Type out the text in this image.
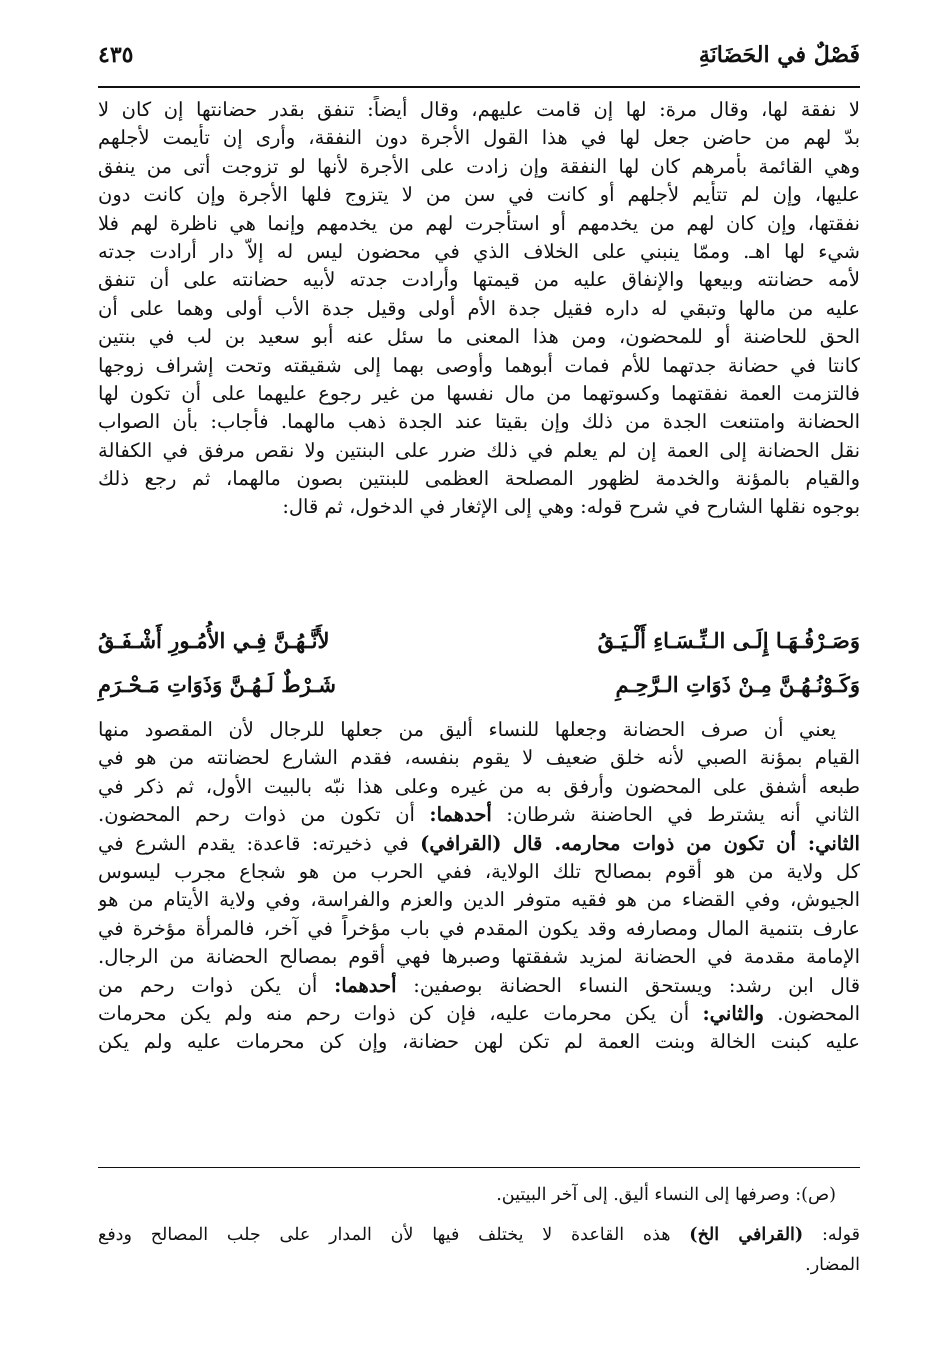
فَصْلٌ في الحَضَانَةِ
٤٣٥
لا نفقة لها، وقال مرة: لها إن قامت عليهم، وقال أيضاً: تنفق بقدر حضانتها إن كان لا
بدّ لهم من حاضن جعل لها في هذا القول الأجرة دون النفقة، وأرى إن تأيمت لأجلهم
وهي القائمة بأمرهم كان لها النفقة وإن زادت على الأجرة لأنها لو تزوجت أتى من ينفق
عليها، وإن لم تتأيم لأجلهم أو كانت في سن من لا يتزوج فلها الأجرة وإن كانت دون
نفقتها، وإن كان لهم من يخدمهم أو استأجرت لهم من يخدمهم وإنما هي ناظرة لهم فلا
شيء لها اهـ. وممّا ينبني على الخلاف الذي في محضون ليس له إلاّ دار أرادت جدته
لأمه حضانته وبيعها والإنفاق عليه من قيمتها وأرادت جدته لأبيه حضانته على أن تنفق
عليه من مالها وتبقي له داره فقيل جدة الأم أولى وقيل جدة الأب أولى وهما على أن
الحق للحاضنة أو للمحضون، ومن هذا المعنى ما سئل عنه أبو سعيد بن لب في بنتين
كانتا في حضانة جدتهما للأم فمات أبوهما وأوصى بهما إلى شقيقته وتحت إشراف زوجها
فالتزمت العمة نفقتهما وكسوتهما من مال نفسها من غير رجوع عليهما على أن تكون لها
الحضانة وامتنعت الجدة من ذلك وإن بقيتا عند الجدة ذهب مالهما. فأجاب: بأن الصواب
نقل الحضانة إلى العمة إن لم يعلم في ذلك ضرر على البنتين ولا نقص مرفق في الكفالة
والقيام بالمؤنة والخدمة لظهور المصلحة العظمى للبنتين بصون مالهما، ثم رجع ذلك
بوجوه نقلها الشارح في شرح قوله: وهي إلى الإثغار في الدخول، ثم قال:
وَصَـرْفُـهَـا إِلَـى الـنِّـسَـاءِ أَلْـيَـقُ
لأَنَّـهُـنَّ فِـي الأُمُـورِ أَشْـفَـقُ
وَكَـوْنُـهُـنَّ مِـنْ ذَوَاتِ الـرَّحِـمِ
شَـرْطٌ لَـهُـنَّ وَذَوَاتِ مَـحْـرَمِ
يعني أن صرف الحضانة وجعلها للنساء أليق من جعلها للرجال لأن المقصود منها
القيام بمؤنة الصبي لأنه خلق ضعيف لا يقوم بنفسه، فقدم الشارع لحضانته من هو في
طبعه أشفق على المحضون وأرفق به من غيره وعلى هذا نبّه بالبيت الأول، ثم ذكر في
الثاني أنه يشترط في الحاضنة شرطان: أحدهما: أن تكون من ذوات رحم المحضون.
الثاني: أن تكون من ذوات محارمه. قال (القرافي) في ذخيرته: قاعدة: يقدم الشرع في
كل ولاية من هو أقوم بمصالح تلك الولاية، ففي الحرب من هو شجاع مجرب ليسوس
الجيوش، وفي القضاء من هو فقيه متوفر الدين والعزم والفراسة، وفي ولاية الأيتام من هو
عارف بتنمية المال ومصارفه وقد يكون المقدم في باب مؤخراً في آخر، فالمرأة مؤخرة في
الإمامة مقدمة في الحضانة لمزيد شفقتها وصبرها فهي أقوم بمصالح الحضانة من الرجال.
قال ابن رشد: ويستحق النساء الحضانة بوصفين: أحدهما: أن يكن ذوات رحم من
المحضون. والثاني: أن يكن محرمات عليه، فإن كن ذوات رحم منه ولم يكن محرمات
عليه كبنت الخالة وبنت العمة لم تكن لهن حضانة، وإن كن محرمات عليه ولم يكن
(ص): وصرفها إلى النساء أليق. إلى آخر البيتين.
قوله: (القرافي الخ) هذه القاعدة لا يختلف فيها لأن المدار على جلب المصالح ودفع
المضار.
